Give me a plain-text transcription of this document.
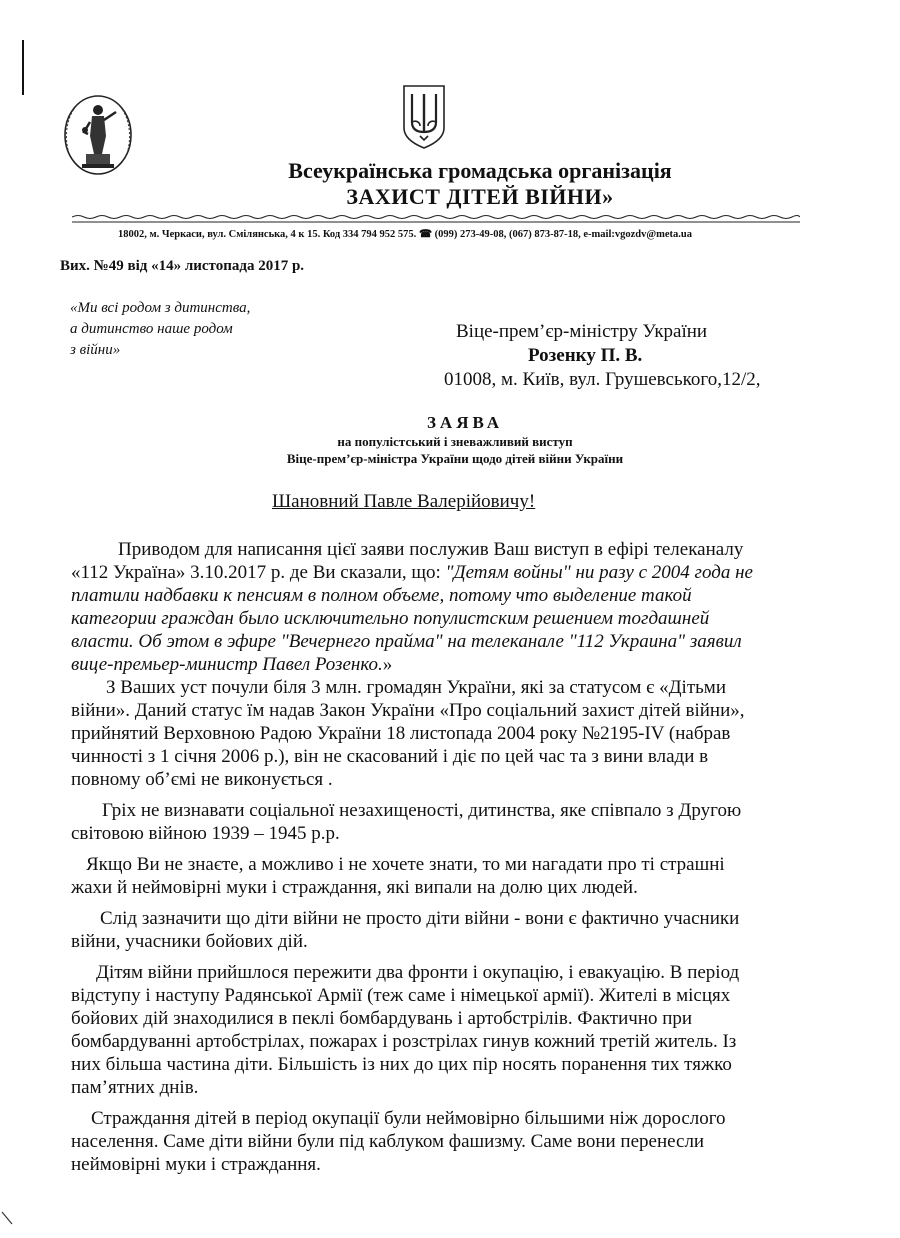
Всеукраїнська громадська організація
ЗАХИСТ ДІТЕЙ ВІЙНИ»
18002, м. Черкаси, вул. Смілянська, 4 к 15. Код 334 794 952 575. ☎ (099) 273-49-08, (067) 873-87-18, e-mail:vgozdv@meta.ua
Вих. №49 від «14» листопада 2017 р.
«Ми всі родом з дитинства,
а дитинство наше родом
з війни»
Віце-прем’єр-міністру України
Розенку П. В.
01008, м. Київ, вул. Грушевського,12/2,
ЗАЯВА
на популістський і зневажливий виступ
Віце-прем’єр-міністра України щодо дітей війни України
Шановний Павле Валерійовичу!
Приводом для написання цієї заяви послужив Ваш виступ в ефірі телеканалу
«112 Україна» 3.10.2017 р. де Ви сказали, що: "Детям войны" ни разу с 2004 года не
платили надбавки к пенсиям в полном объеме, потому что выделение такой
категории граждан было исключительно популистским решением тогдашней
власти. Об этом в эфире "Вечернего прайма" на телеканале "112 Украина" заявил
вице-премьер-министр Павел Розенко.»
З Ваших уст почули біля 3 млн. громадян України, які за статусом є «Дітьми
війни». Даний статус їм надав Закон України «Про соціальний захист дітей війни»,
прийнятий Верховною Радою України 18 листопада 2004 року №2195-IV (набрав
чинності з 1 січня 2006 р.), він не скасований і діє по цей час та з вини влади в
повному об’ємі не виконується .
Гріх не визнавати соціальної незахищеності, дитинства, яке співпало з Другою
світовою війною 1939 – 1945 р.р.
Якщо Ви не знаєте, а можливо і не хочете знати, то ми нагадати про ті страшні
жахи й неймовірні муки і страждання, які випали на долю цих людей.
Слід зазначити що діти війни не просто діти війни - вони є фактично учасники
війни, учасники бойових дій.
Дітям війни прийшлося пережити два фронти і окупацію, і евакуацію. В період
відступу і наступу Радянської Армії (теж саме і німецької армії). Жителі в місцях
бойових дій знаходилися в пеклі бомбардувань і артобстрілів. Фактично при
бомбардуванні артобстрілах, пожарах і розстрілах гинув кожний третій житель. Із
них більша частина діти. Більшість із них до цих пір носять поранення тих тяжко
пам’ятних днів.
Страждання дітей в період окупації були неймовірно більшими ніж дорослого
населення. Саме діти війни були під каблуком фашизму. Саме вони перенесли
неймовірні муки і страждання.
